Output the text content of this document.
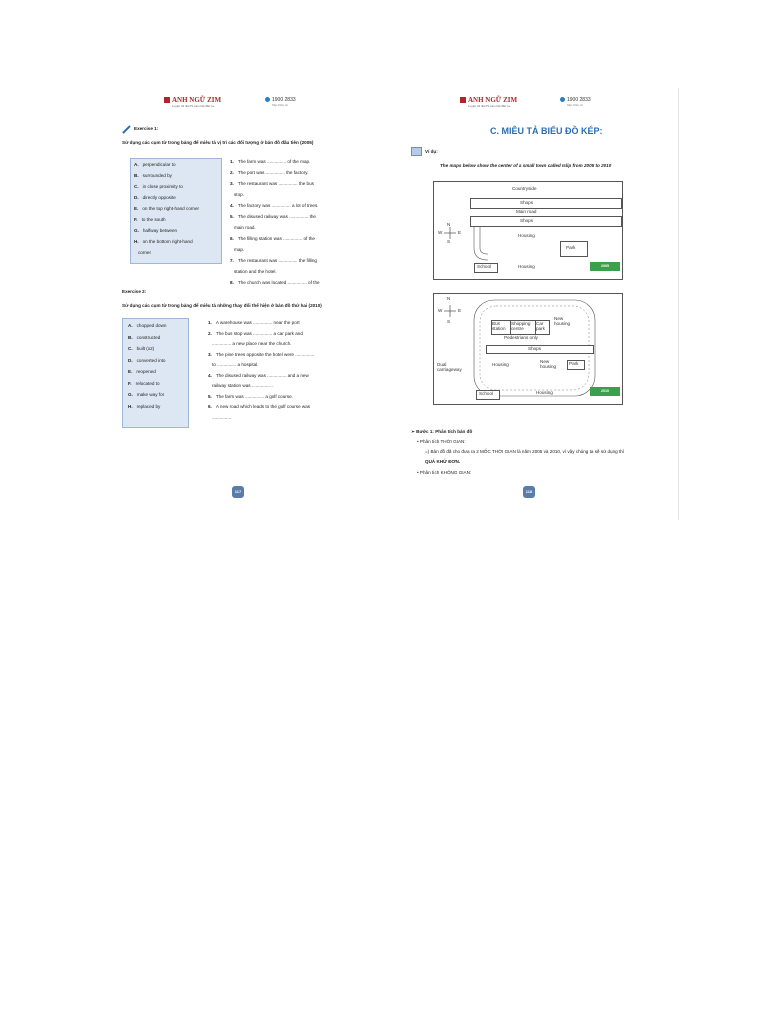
ANH NGỮ ZIM
Luyện thi IELTS cam kết đầu ra
1900 2833
http://zim.vn
Exercise 1:
Sử dụng các cụm từ trong bảng để miêu tả vị trí các đối tượng ở bản đồ đầu tiên (2005)
A. perpendicular to
B. surrounded by
C. in close proximity to
D. directly opposite
E. on the top right-hand corner
F. to the south
G. halfway between
H. on the bottom right-hand
corner
1. The farm was ............... of the map.
2. The port was ............... the factory.
3. The restaurant was ............... the bus
stop.
4. The factory was ............... a lot of trees.
5. The disused railway was ............... the
main road.
6. The filling station was ............... of the
map.
7. The restaurant was ............... the filling
station and the hotel.
8. The church was located ............... of the
Exercise 2:
Sử dụng các cụm từ trong bảng để miêu tả những thay đổi thể hiện ở bản đồ thứ hai (2010)
A. chopped down
B. constructed
C. built (x2)
D. converted into
E. reopened
F. relocated to
G. make way for
H. replaced by
1. A warehouse was ............... near the port
2. The bus stop was ............... a car park and
............... a new place near the church.
3. The pine trees opposite the hotel were ...............
to ............... a hospital.
4. The disused railway was ............... and a new
railway station was ............... .
5. The farm was ............... a golf course.
6. A new road which leads to the golf course was
...............
117
ANH NGỮ ZIM
Luyện thi IELTS cam kết đầu ra
1900 2833
http://zim.vn
C. MIÊU TẢ BIỂU ĐỒ KÉP:
Ví dụ:
The maps below show the center of a small town called Islip from 2005 to 2010
Countryside
Shops
Main road
Shops
Housing
Park
School	Housing	2005
N
W	E
S
Bus station
Shopping centre
Car park
New housing
Pedestrians only
Shops
Dual carriageway
Housing
New housing
Park
School	Housing	2010
N
W	E
S
➢ Bước 1: Phân tích bản đồ
• Phân tích THỜI GIAN:
=) Bản đồ đã cho đưa ra 2 MỐC THỜI GIAN là năm 2005 và 2010, vì vậy chúng ta sẽ sử dụng thì
QUÁ KHỨ ĐƠN.
• Phân tích KHÔNG GIAN:
118
